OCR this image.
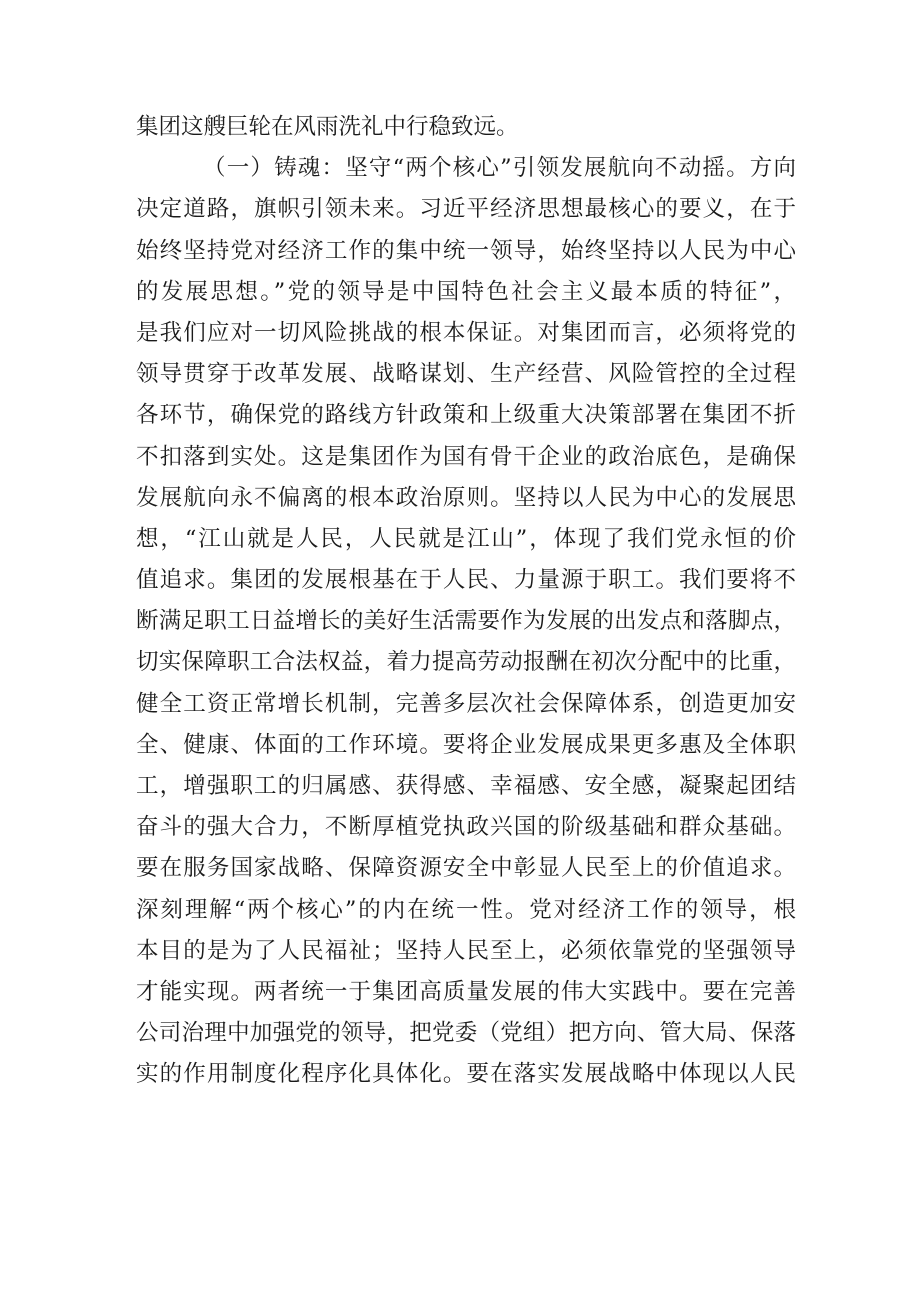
集团这艘巨轮在风雨洗礼中行稳致远。
（一）铸魂：坚守“两个核心”引领发展航向不动摇。方向
决定道路，旗帜引领未来。习近平经济思想最核心的要义，在于
始终坚持党对经济工作的集中统一领导，始终坚持以人民为中心
的发展思想。”党的领导是中国特色社会主义最本质的特征”，
是我们应对一切风险挑战的根本保证。对集团而言，必须将党的
领导贯穿于改革发展、战略谋划、生产经营、风险管控的全过程
各环节，确保党的路线方针政策和上级重大决策部署在集团不折
不扣落到实处。这是集团作为国有骨干企业的政治底色，是确保
发展航向永不偏离的根本政治原则。坚持以人民为中心的发展思
想，“江山就是人民，人民就是江山”，体现了我们党永恒的价
值追求。集团的发展根基在于人民、力量源于职工。我们要将不
断满足职工日益增长的美好生活需要作为发展的出发点和落脚点，
切实保障职工合法权益，着力提高劳动报酬在初次分配中的比重，
健全工资正常增长机制，完善多层次社会保障体系，创造更加安
全、健康、体面的工作环境。要将企业发展成果更多惠及全体职
工，增强职工的归属感、获得感、幸福感、安全感，凝聚起团结
奋斗的强大合力，不断厚植党执政兴国的阶级基础和群众基础。
要在服务国家战略、保障资源安全中彰显人民至上的价值追求。
深刻理解“两个核心”的内在统一性。党对经济工作的领导，根
本目的是为了人民福祉；坚持人民至上，必须依靠党的坚强领导
才能实现。两者统一于集团高质量发展的伟大实践中。要在完善
公司治理中加强党的领导，把党委（党组）把方向、管大局、保落
实的作用制度化程序化具体化。要在落实发展战略中体现以人民
